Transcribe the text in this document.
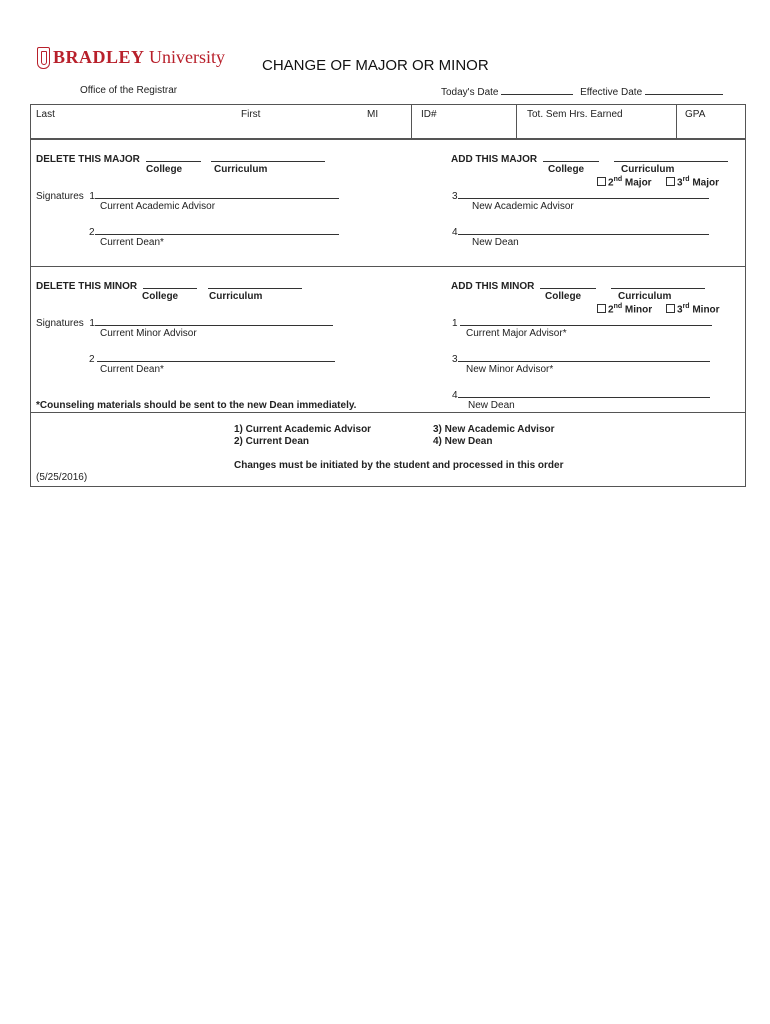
BRADLEY University CHANGE OF MAJOR OR MINOR
Office of the Registrar	Today's Date	Effective Date
Last	First	MI	ID#	Tot. Sem Hrs. Earned	GPA
DELETE THIS MAJOR
College	Curriculum
ADD THIS MAJOR
College	Curriculum
2nd Major	3rd Major
Signatures 1
Current Academic Advisor
2
Current Dean*
3
New Academic Advisor
4
New Dean
DELETE THIS MINOR
College	Curriculum
ADD THIS MINOR
College	Curriculum
2nd Minor	3rd Minor
Signatures 1
Current Minor Advisor
2
Current Dean*
1
Current Major Advisor*
3
New Minor Advisor*
4
New Dean
*Counseling materials should be sent to the new Dean immediately.
1) Current Academic Advisor
2) Current Dean
3) New Academic Advisor
4) New Dean
Changes must be initiated by the student and processed in this order
(5/25/2016)
